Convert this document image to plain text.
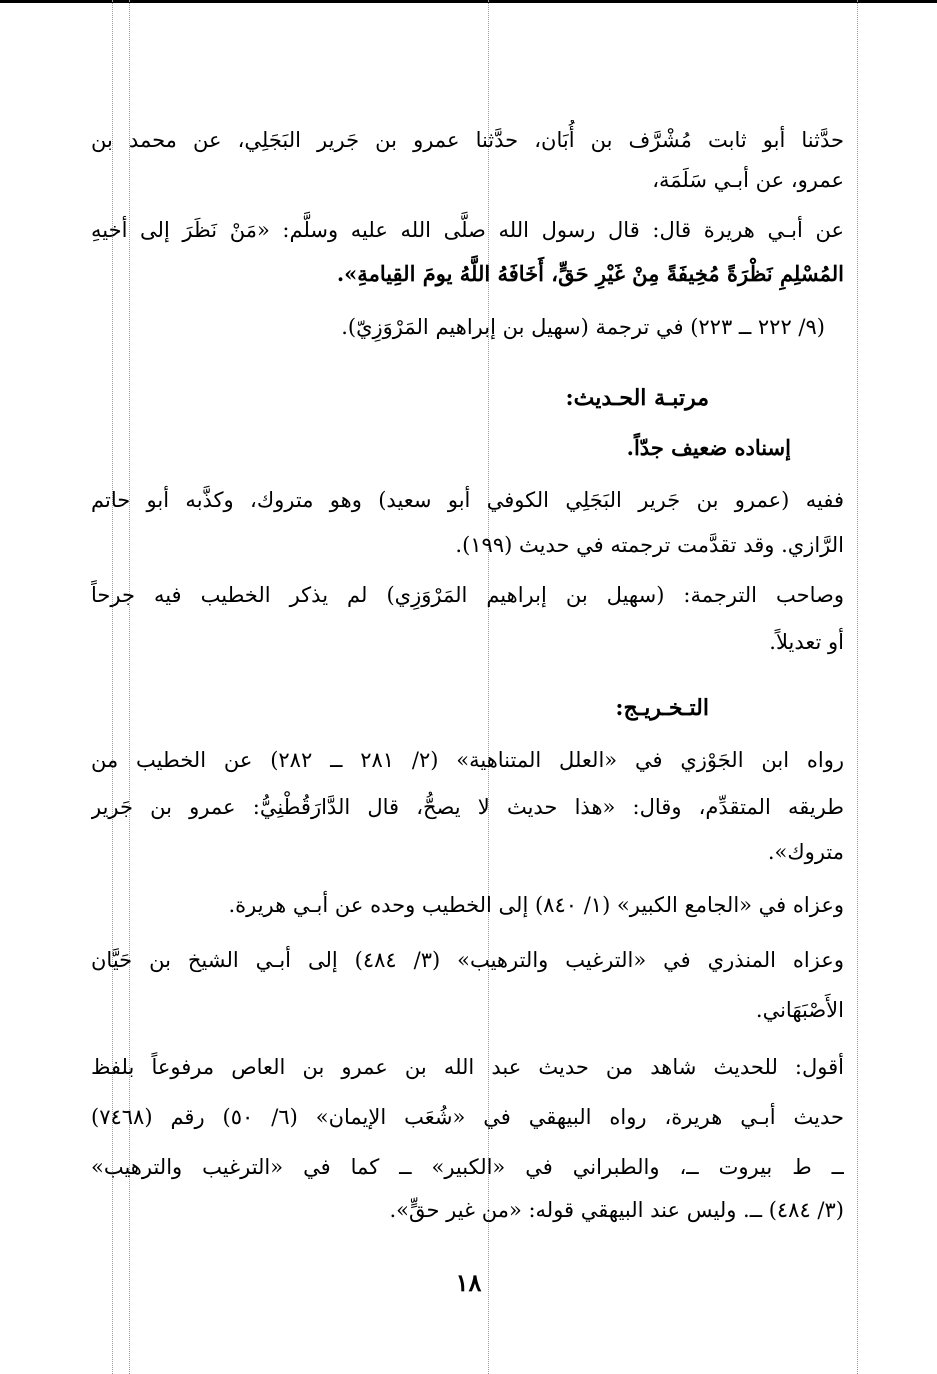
حدَّثنا أبو ثابت مُشْرَّف بن أُبَان، حدَّثنا عمرو بن جَرير البَجَلِي، عن محمد بن
عمرو، عن أبـي سَلَمَة،
عن أبـي هريرة قال: قال رسول الله صلَّى الله عليه وسلَّم: «مَنْ نَظَرَ إلى أخيهِ
المُسْلِمِ نَظْرَةً مُخِيفَةً مِنْ غَيْرِ حَقٍّ، أَخَافَهُ اللَّهُ يومَ القِيامةِ».
(٩/ ٢٢٢ ــ ٢٢٣) في ترجمة (سهيل بن إبراهيم المَرْوَزِيّ).
مرتبـة الحـديث:
إسناده ضعيف جدّاً.
ففيه (عمرو بن جَرير البَجَلِي الكوفي أبو سعيد) وهو متروك، وكذَّبه أبو حاتم
الرَّازي. وقد تقدَّمت ترجمته في حديث (١٩٩).
وصاحب الترجمة: (سهيل بن إبراهيم المَرْوَزِي) لم يذكر الخطيب فيه جرحاً
أو تعديلاً.
التـخـريـج:
رواه ابن الجَوْزي في «العلل المتناهية» (٢/ ٢٨١ ــ ٢٨٢) عن الخطيب من
طريقه المتقدِّم، وقال: «هذا حديث لا يصحُّ، قال الدَّارَقُطْنِيُّ: عمرو بن جَرير
متروك».
وعزاه في «الجامع الكبير» (١/ ٨٤٠) إلى الخطيب وحده عن أبـي هريرة.
وعزاه المنذري في «الترغيب والترهيب» (٣/ ٤٨٤) إلى أبـي الشيخ بن حَيَّان
الأَصْبَهَاني.
أقول: للحديث شاهد من حديث عبد الله بن عمرو بن العاص مرفوعاً بلفظ
حديث أبـي هريرة، رواه البيهقي في «شُعَب الإيمان» (٦/ ٥٠) رقم (٧٤٦٨)
ــ ط بيروت ــ، والطبراني في «الكبير» ــ كما في «الترغيب والترهيب»
(٣/ ٤٨٤) ــ. وليس عند البيهقي قوله: «من غير حقٍّ».
١٨
